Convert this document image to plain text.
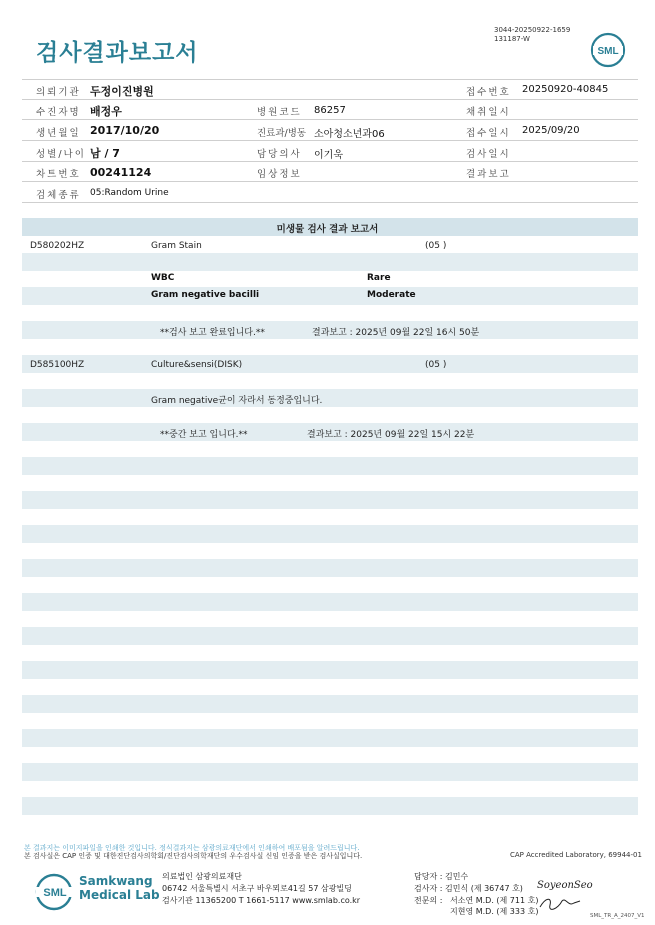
검사결과보고서
3044-20250922-1659
131187-W
SML
의뢰기관 두정이진병원	접수번호 20250920-40845
수진자명 배정우	병원코드 86257	채취일시
생년월일 2017/10/20	진료과/병동 소아청소년과06	접수일시 2025/09/20
성별/나이 남 / 7	담당의사 이기욱	검사일시
차트번호 00241124	임상정보	결과보고
검체종류 05:Random Urine
미생물 검사 결과 보고서
D580202HZ	Gram Stain	(05 )
WBC	Rare
Gram negative bacilli	Moderate
**검사 보고 완료입니다.**	결과보고 : 2025년 09월 22일 16시 50분
D585100HZ	Culture&sensi(DISK)	(05 )
Gram negative균이 자라서 동정중입니다.
**중간 보고 입니다.**	결과보고 : 2025년 09월 22일 15시 22분
본 결과지는 이미지파일을 인쇄한 것입니다. 정식결과지는 삼광의료재단에서 인쇄하여 배포됨을 알려드립니다.
본 검사실은 CAP 인증 및 대한진단검사의학회/진단검사의학재단의 우수검사실 신임 인증을 받은 검사실입니다.	CAP Accredited Laboratory, 69944-01
SML
Samkwang
Medical Lab
의료법인 삼광의료재단
06742 서울특별시 서초구 바우뫼로41길 57 삼광빌딩
검사기관 11365200 T 1661-5117 www.smlab.co.kr
담당자 : 김민수
검사자 : 김민식 (제 36747 호)
전문의 : 서소연 M.D. (제 711 호)
지현영 M.D. (제 333 호)
SoyeonSeo
SML_TR_A_2407_V1
